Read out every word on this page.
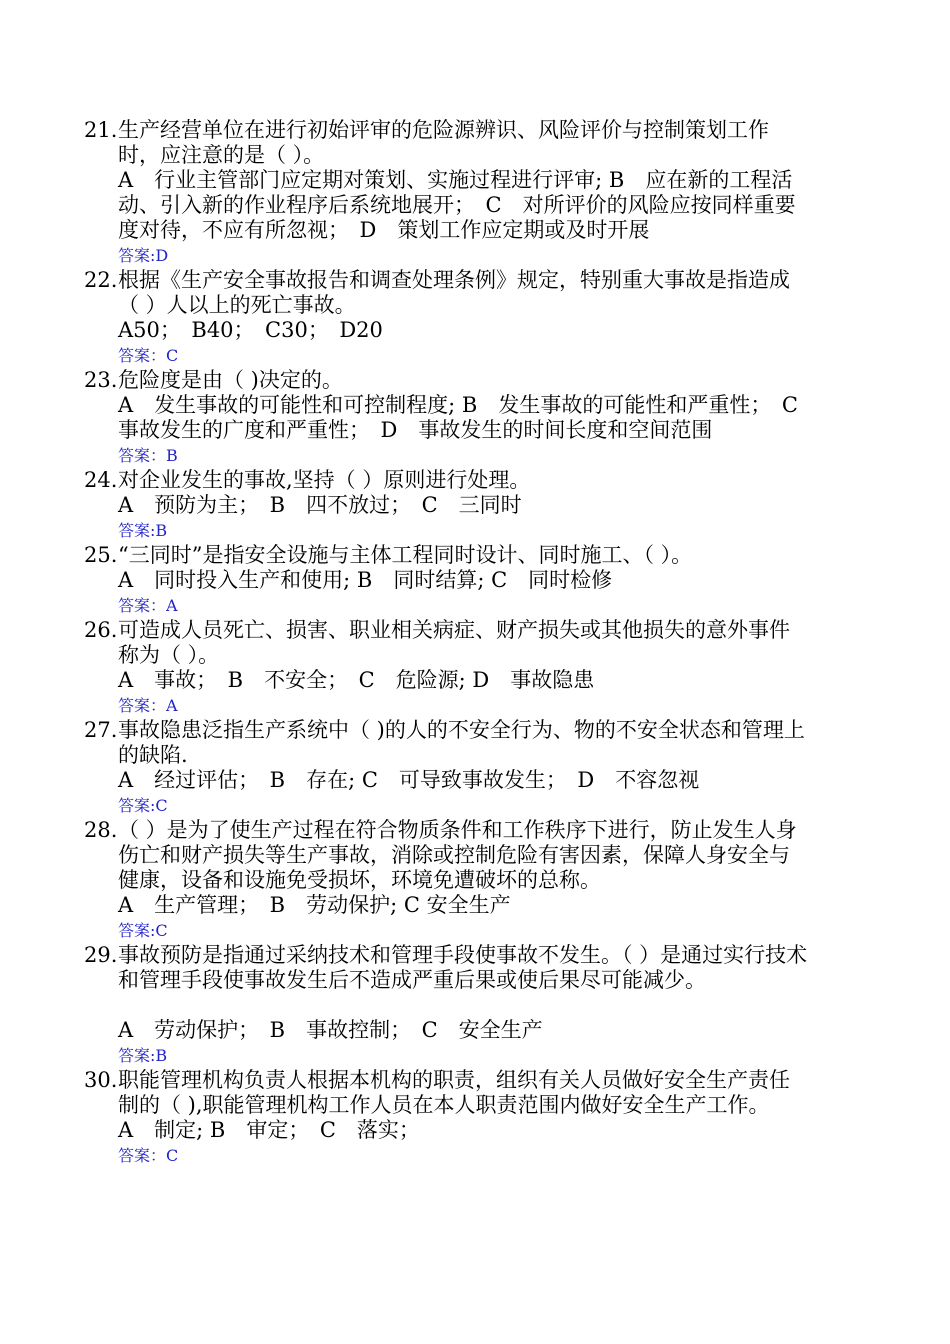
21. 生产经营单位在进行初始评审的危险源辨识、风险评价与控制策划工作时，应注意的是（ ）。
A　行业主管部门应定期对策划、实施过程进行评审; B　应在新的工程活动、引入新的作业程序后系统地展开；　C　对所评价的风险应按同样重要度对待，不应有所忽视；　D　策划工作应定期或及时开展
答案:D
22. 根据《生产安全事故报告和调查处理条例》规定，特别重大事故是指造成（ ）人以上的死亡事故。
A50；　B40；　C30；　D20
答案：C
23. 危险度是由（ )决定的。
A　发生事故的可能性和可控制程度; B　发生事故的可能性和严重性；　C　事故发生的广度和严重性；　D　事故发生的时间长度和空间范围
答案：B
24. 对企业发生的事故,坚持（ ）原则进行处理。
A　预防为主；　B　四不放过；　C　三同时
答案:B
25. “三同时”是指安全设施与主体工程同时设计、同时施工、（ ）。
A　同时投入生产和使用; B　同时结算; C　同时检修
答案：A
26. 可造成人员死亡、损害、职业相关病症、财产损失或其他损失的意外事件称为（ ）。
A　事故；　B　不安全；　C　危险源; D　事故隐患
答案：A
27. 事故隐患泛指生产系统中（ )的人的不安全行为、物的不安全状态和管理上的缺陷.
A　经过评估；　B　存在; C　可导致事故发生；　D　不容忽视
答案:C
28. （ ）是为了使生产过程在符合物质条件和工作秩序下进行，防止发生人身伤亡和财产损失等生产事故，消除或控制危险有害因素，保障人身安全与健康，设备和设施免受损坏，环境免遭破坏的总称。
A　生产管理；　B　劳动保护; C 安全生产
答案:C
29. 事故预防是指通过采纳技术和管理手段使事故不发生。（ ）是通过实行技术和管理手段使事故发生后不造成严重后果或使后果尽可能减少。
A　劳动保护；　B　事故控制；　C　安全生产
答案:B
30. 职能管理机构负责人根据本机构的职责，组织有关人员做好安全生产责任制的（ ),职能管理机构工作人员在本人职责范围内做好安全生产工作。
A　制定; B　审定；　C　落实；
答案：C
